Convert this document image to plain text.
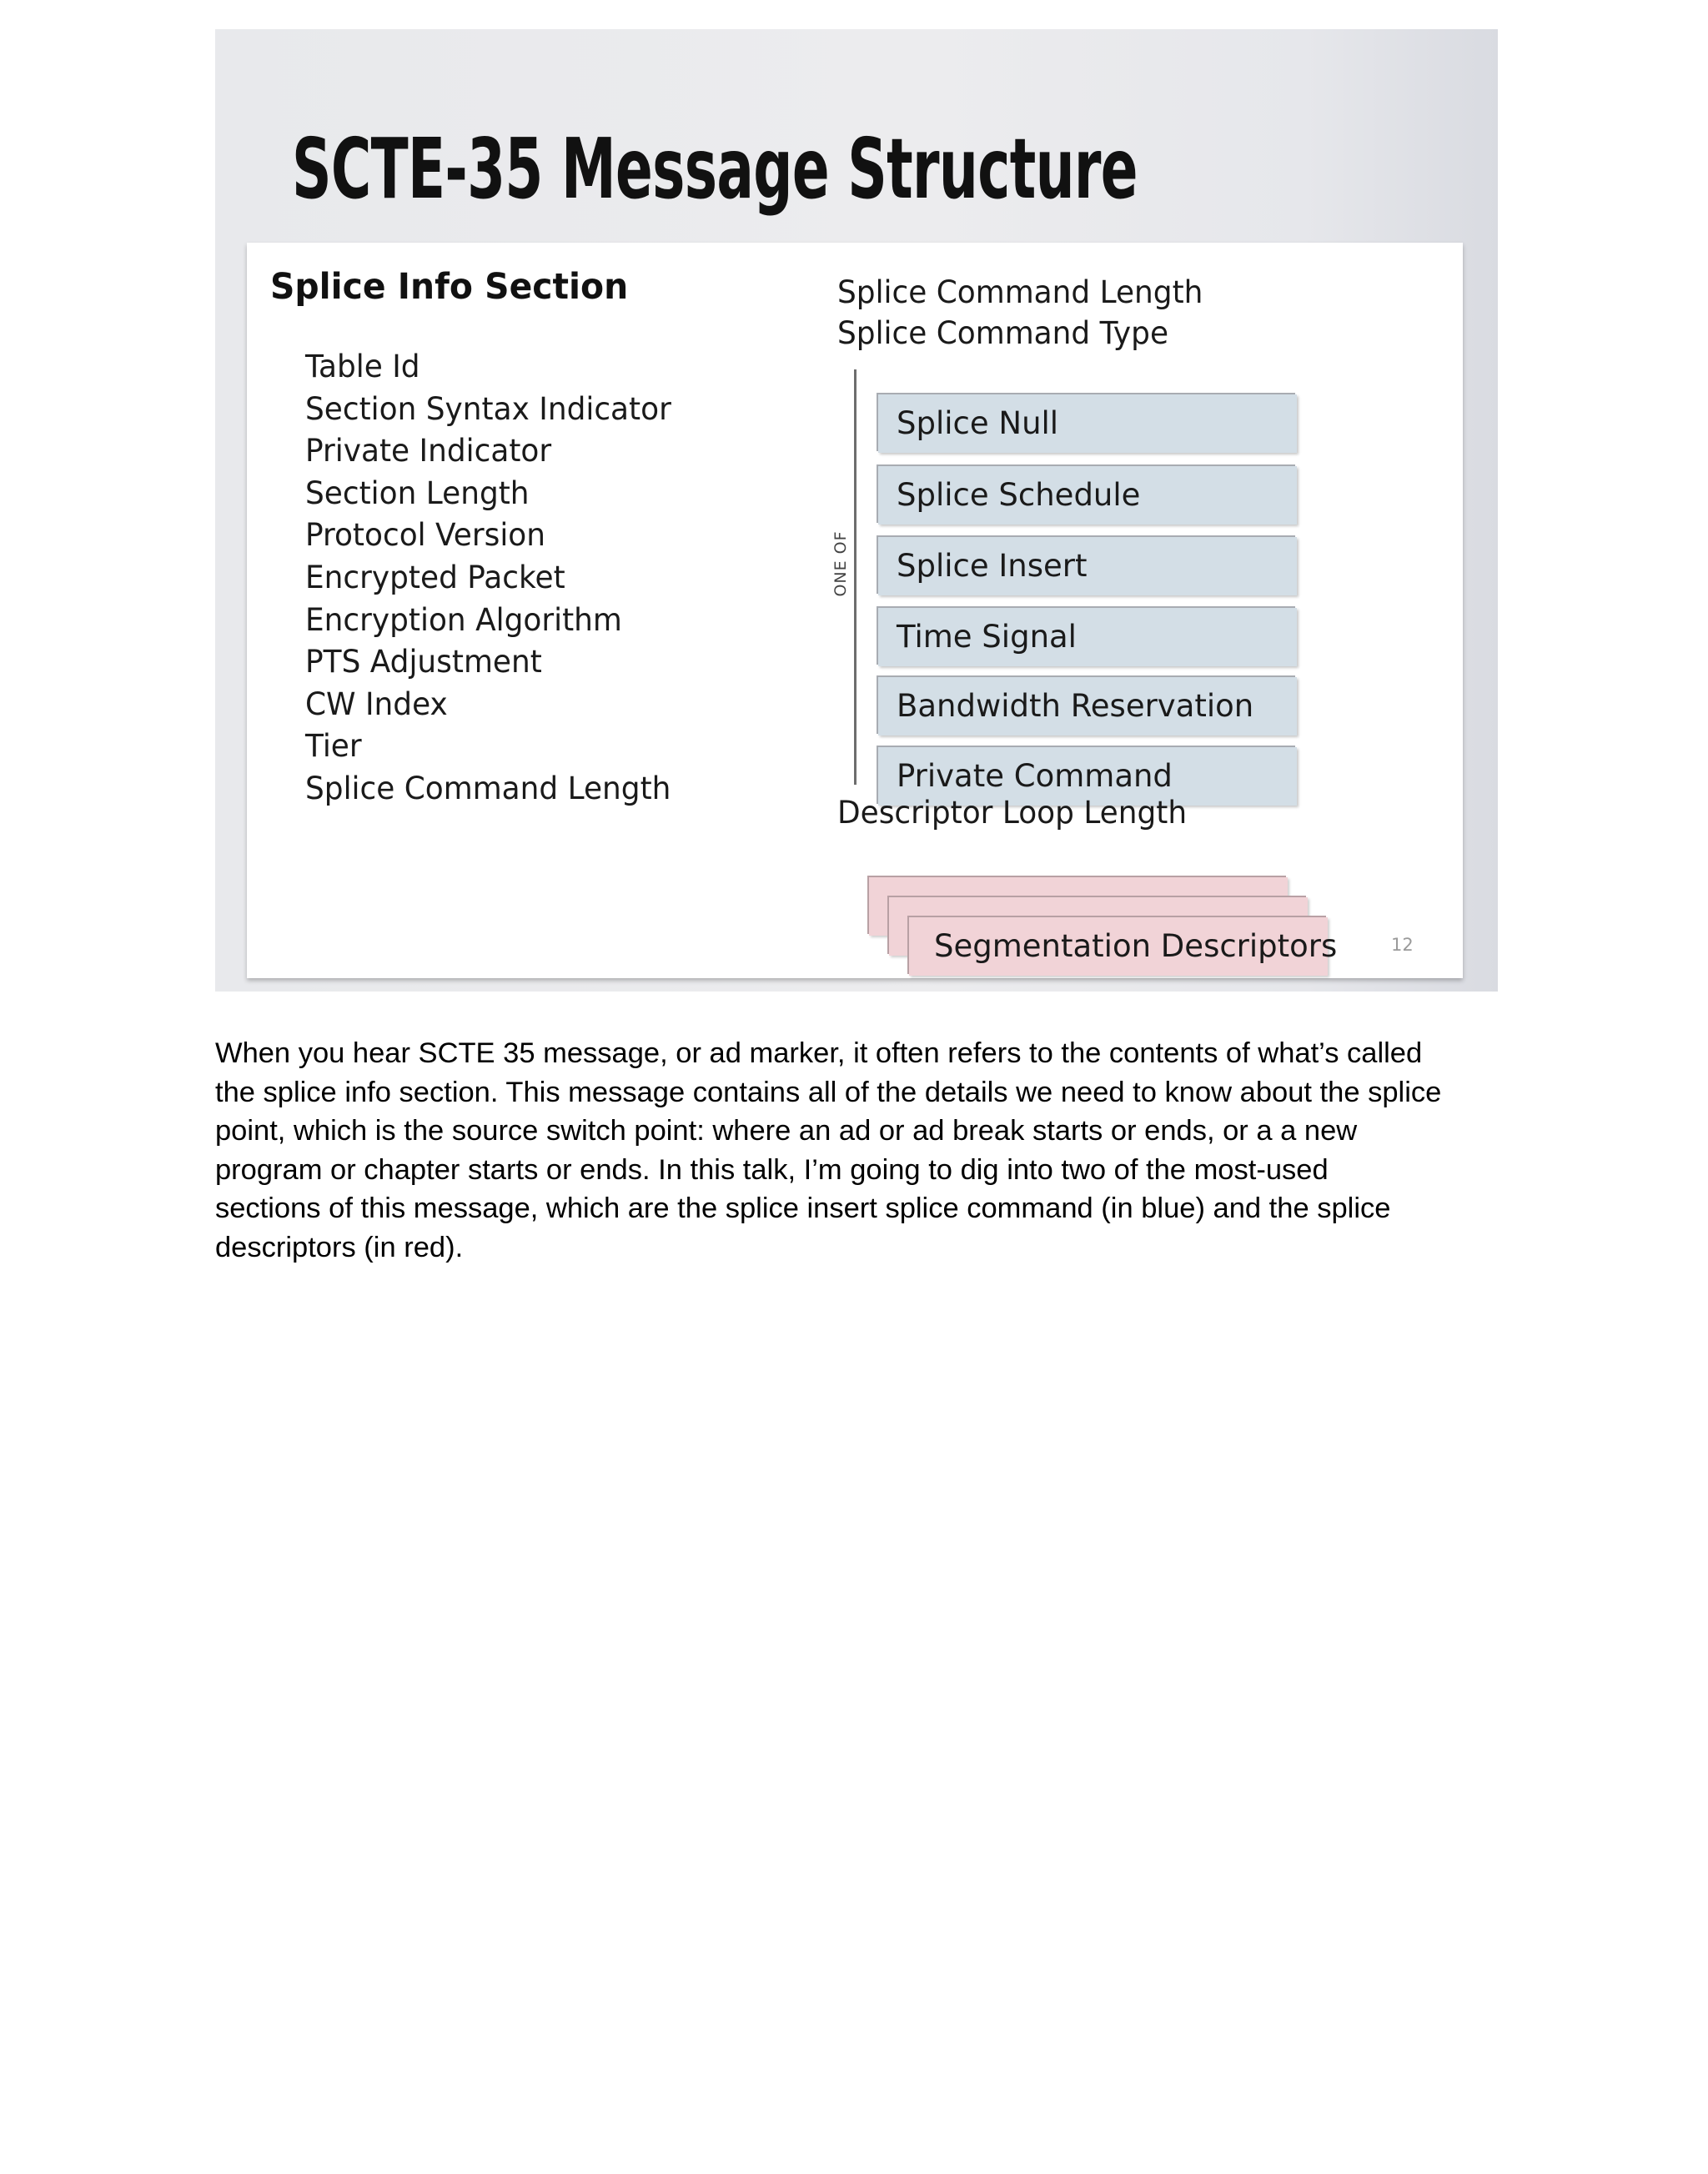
SCTE-35 Message Structure
Splice Info Section
Table Id
Section Syntax Indicator
Private Indicator
Section Length
Protocol Version
Encrypted Packet
Encryption Algorithm
PTS Adjustment
CW Index
Tier
Splice Command Length
Splice Command Length
Splice Command Type
ONE OF
Splice Null
Splice Schedule
Splice Insert
Time Signal
Bandwidth Reservation
Private Command
Descriptor Loop Length
Segmentation Descriptors	12
When you hear SCTE 35 message, or ad marker, it often refers to the contents of what’s called
the splice info section. This message contains all of the details we need to know about the splice
point, which is the source switch point: where an ad or ad break starts or ends, or a a new
program or chapter starts or ends. In this talk, I’m going to dig into two of the most-used
sections of this message, which are the splice insert splice command (in blue) and the splice
descriptors (in red).
